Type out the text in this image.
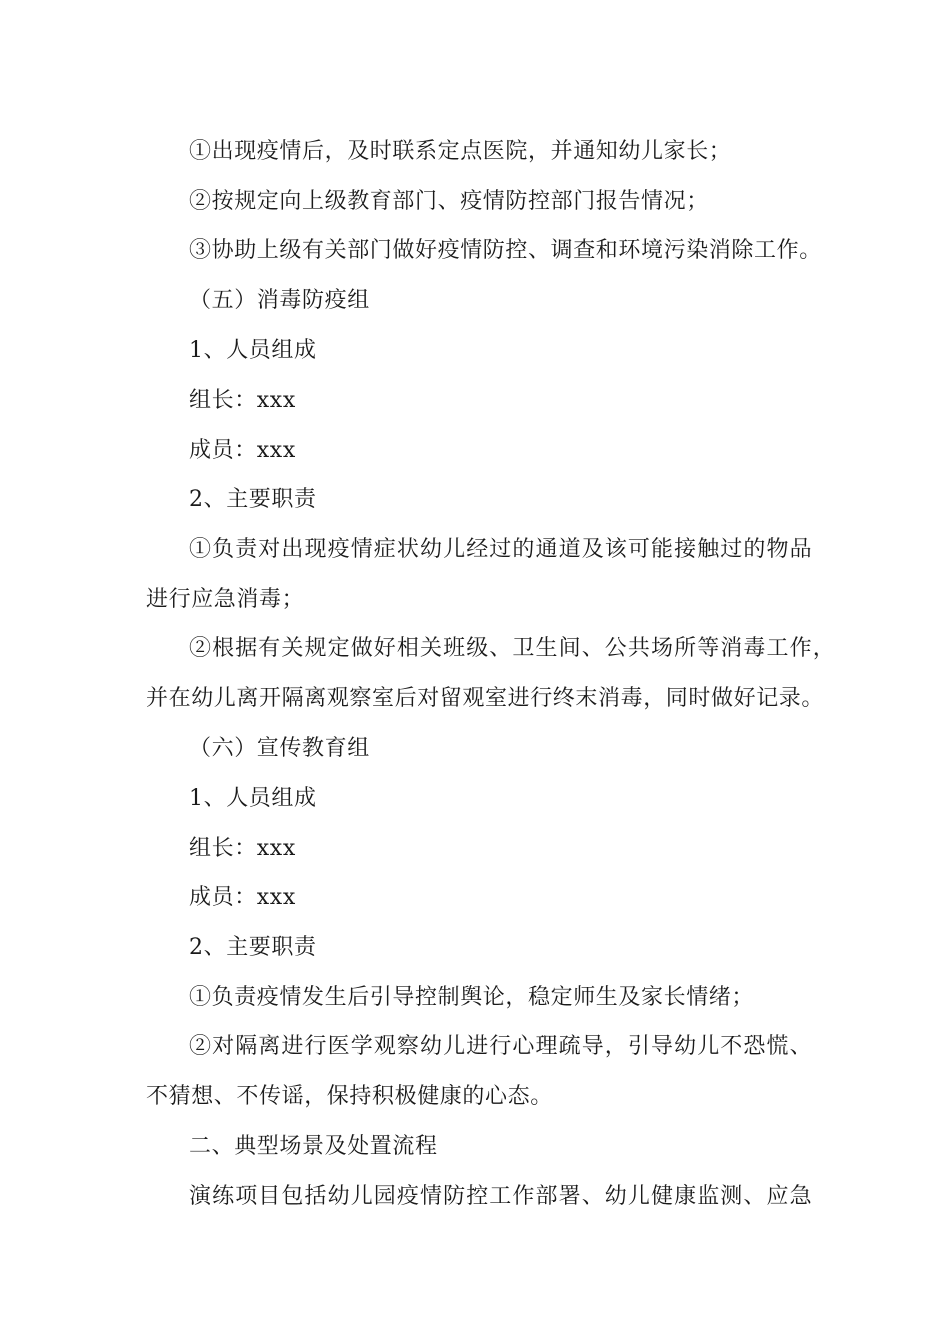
①出现疫情后，及时联系定点医院，并通知幼儿家长；
②按规定向上级教育部门、疫情防控部门报告情况；
③协助上级有关部门做好疫情防控、调查和环境污染消除工作。
（五）消毒防疫组
1、人员组成
组长：xxx
成员：xxx
2、主要职责
①负责对出现疫情症状幼儿经过的通道及该可能接触过的物品
进行应急消毒；
②根据有关规定做好相关班级、卫生间、公共场所等消毒工作，
并在幼儿离开隔离观察室后对留观室进行终末消毒，同时做好记录。
（六）宣传教育组
1、人员组成
组长：xxx
成员：xxx
2、主要职责
①负责疫情发生后引导控制舆论，稳定师生及家长情绪；
②对隔离进行医学观察幼儿进行心理疏导，引导幼儿不恐慌、
不猜想、不传谣，保持积极健康的心态。
二、典型场景及处置流程
演练项目包括幼儿园疫情防控工作部署、幼儿健康监测、应急
